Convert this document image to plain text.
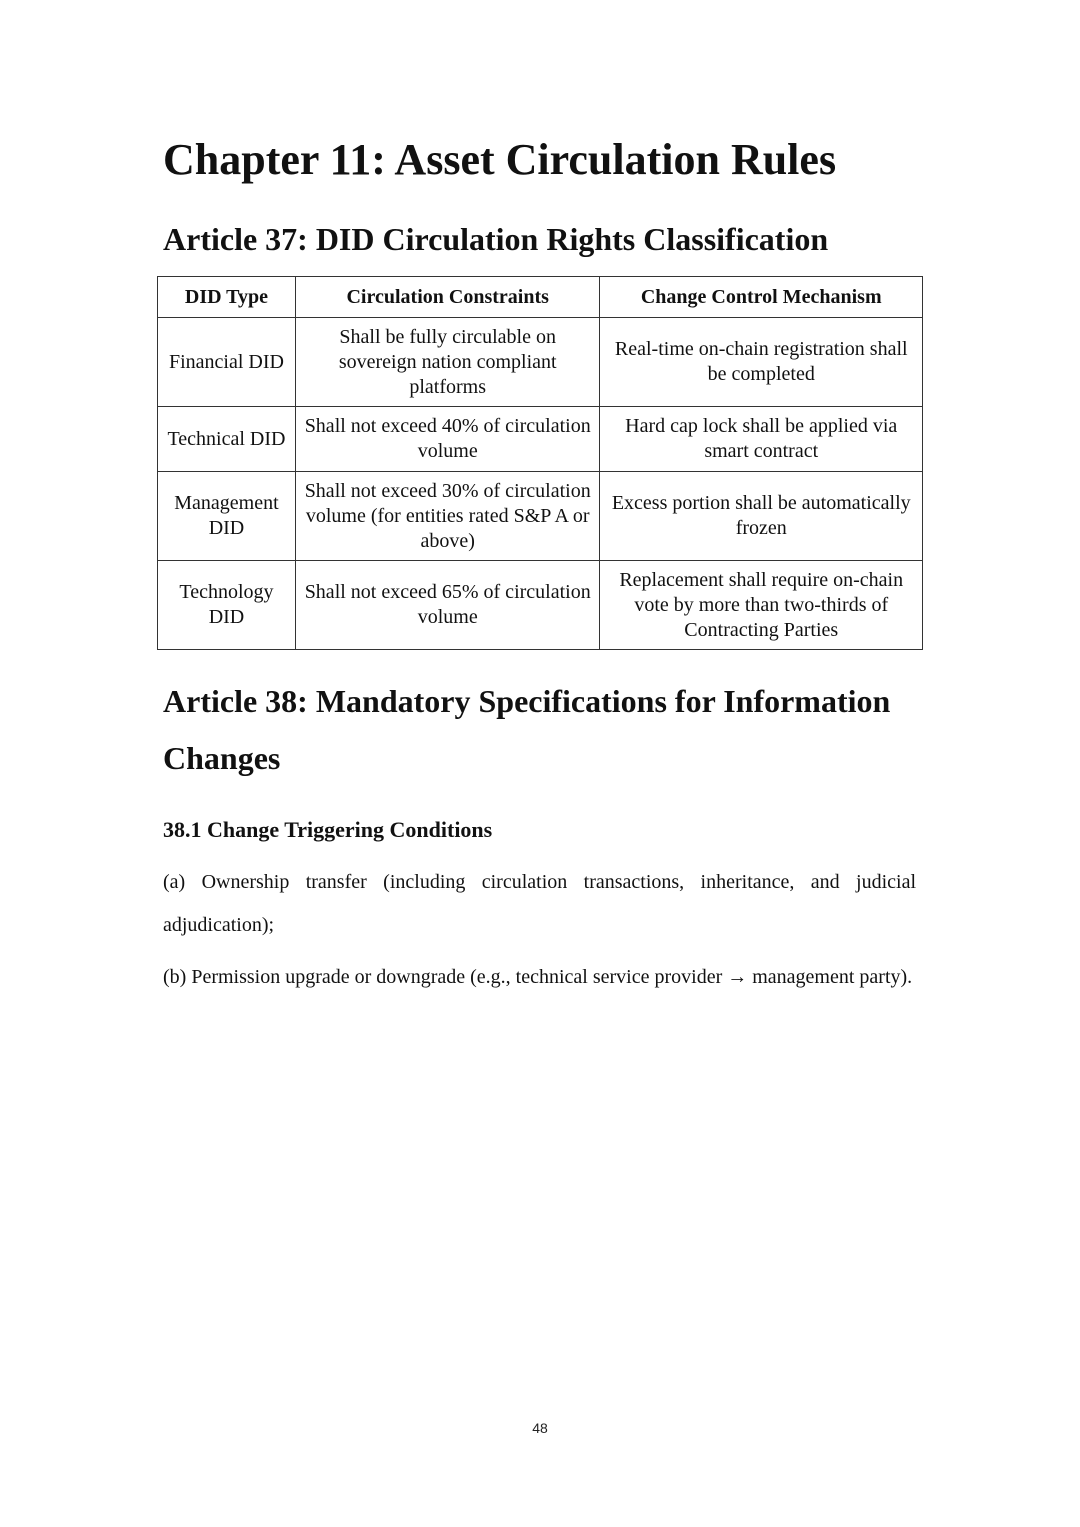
Chapter 11: Asset Circulation Rules
Article 37: DID Circulation Rights Classification
DID Type	Circulation Constraints	Change Control Mechanism
Financial DID	Shall be fully circulable on sovereign nation compliant platforms	Real-time on-chain registration shall be completed
Technical DID	Shall not exceed 40% of circulation volume	Hard cap lock shall be applied via smart contract
Management DID	Shall not exceed 30% of circulation volume (for entities rated S&P A or above)	Excess portion shall be automatically frozen
Technology DID	Shall not exceed 65% of circulation volume	Replacement shall require on-chain vote by more than two-thirds of Contracting Parties
Article 38: Mandatory Specifications for Information Changes
38.1 Change Triggering Conditions

(a) Ownership transfer (including circulation transactions, inheritance, and judicial adjudication);

(b) Permission upgrade or downgrade (e.g., technical service provider → management party).

48
